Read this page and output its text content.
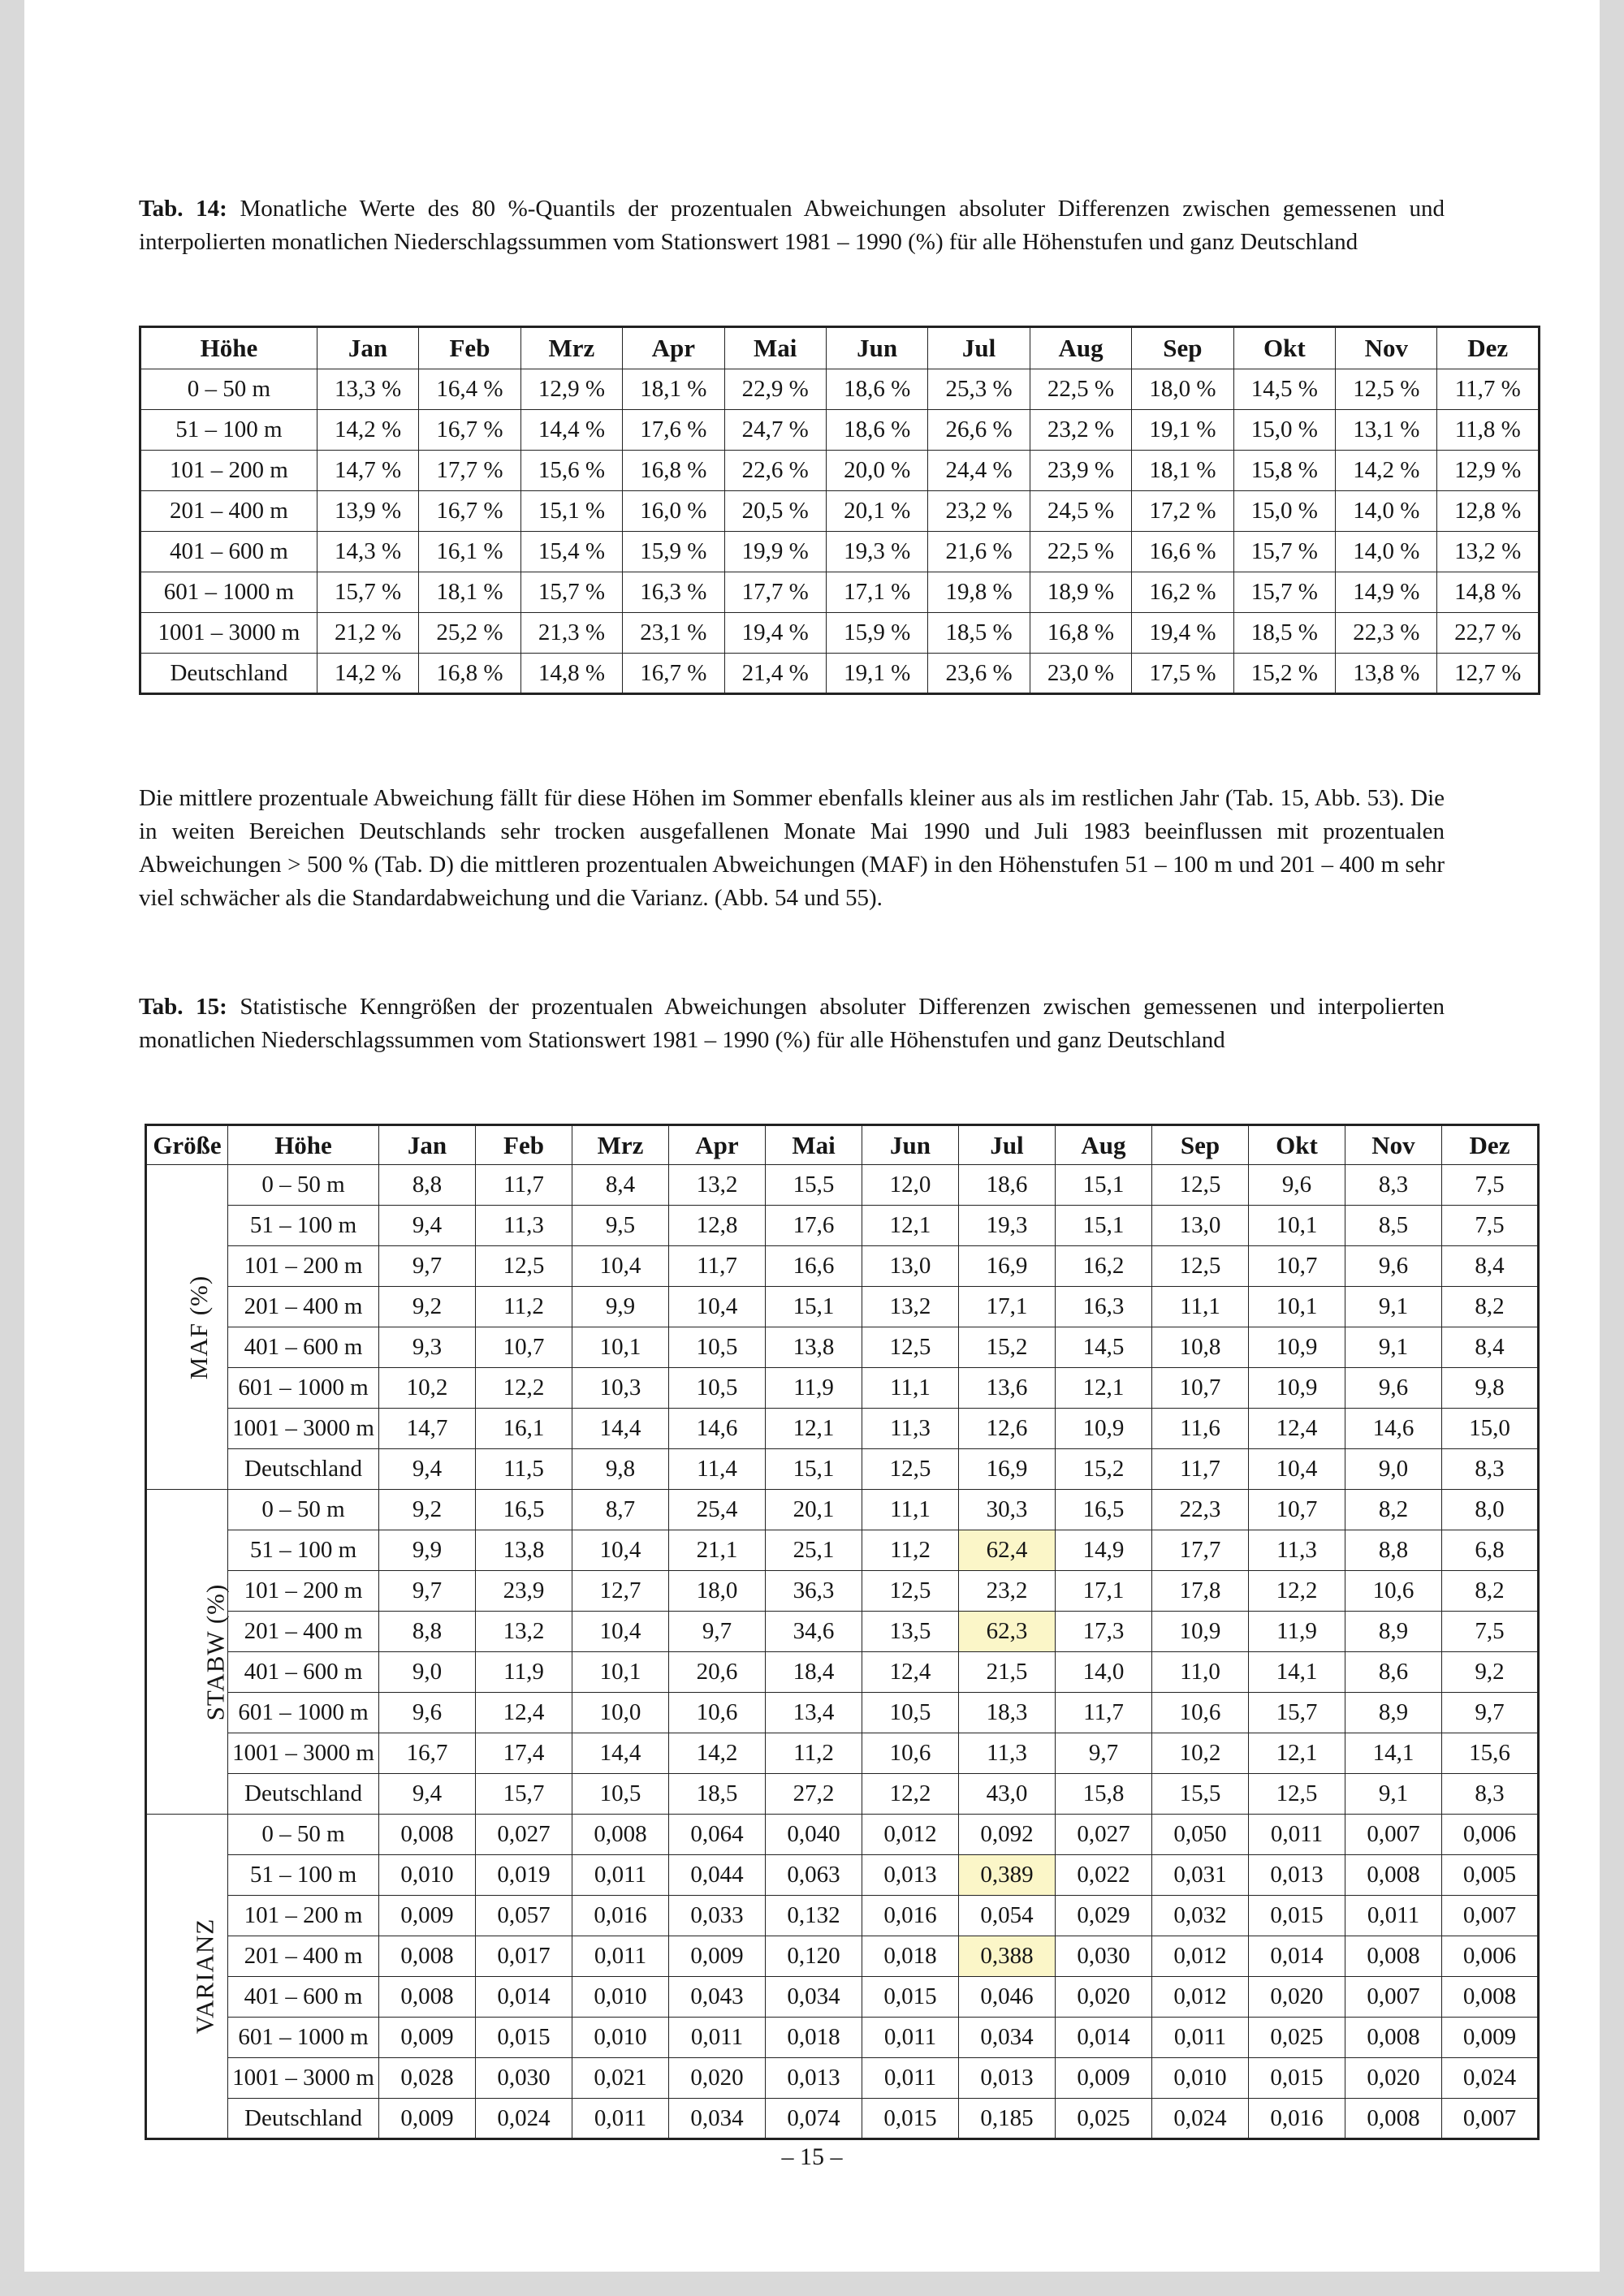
Tab. 14: Monatliche Werte des 80 %-Quantils der prozentualen Abweichungen absoluter Differenzen zwischen gemessenen und interpolierten monatlichen Niederschlagssummen vom Stationswert 1981 – 1990 (%) für alle Höhenstufen und ganz Deutschland

Höhe	Jan	Feb	Mrz	Apr	Mai	Jun	Jul	Aug	Sep	Okt	Nov	Dez
0 – 50 m	13,3 %	16,4 %	12,9 %	18,1 %	22,9 %	18,6 %	25,3 %	22,5 %	18,0 %	14,5 %	12,5 %	11,7 %
51 – 100 m	14,2 %	16,7 %	14,4 %	17,6 %	24,7 %	18,6 %	26,6 %	23,2 %	19,1 %	15,0 %	13,1 %	11,8 %
101 – 200 m	14,7 %	17,7 %	15,6 %	16,8 %	22,6 %	20,0 %	24,4 %	23,9 %	18,1 %	15,8 %	14,2 %	12,9 %
201 – 400 m	13,9 %	16,7 %	15,1 %	16,0 %	20,5 %	20,1 %	23,2 %	24,5 %	17,2 %	15,0 %	14,0 %	12,8 %
401 – 600 m	14,3 %	16,1 %	15,4 %	15,9 %	19,9 %	19,3 %	21,6 %	22,5 %	16,6 %	15,7 %	14,0 %	13,2 %
601 – 1000 m	15,7 %	18,1 %	15,7 %	16,3 %	17,7 %	17,1 %	19,8 %	18,9 %	16,2 %	15,7 %	14,9 %	14,8 %
1001 – 3000 m	21,2 %	25,2 %	21,3 %	23,1 %	19,4 %	15,9 %	18,5 %	16,8 %	19,4 %	18,5 %	22,3 %	22,7 %
Deutschland	14,2 %	16,8 %	14,8 %	16,7 %	21,4 %	19,1 %	23,6 %	23,0 %	17,5 %	15,2 %	13,8 %	12,7 %

Die mittlere prozentuale Abweichung fällt für diese Höhen im Sommer ebenfalls kleiner aus als im restlichen Jahr (Tab. 15, Abb. 53). Die in weiten Bereichen Deutschlands sehr trocken ausgefallenen Monate Mai 1990 und Juli 1983 beeinflussen mit prozentualen Abweichungen > 500 % (Tab. D) die mittleren prozentualen Abweichungen (MAF) in den Höhenstufen 51 – 100 m und 201 – 400 m sehr viel schwächer als die Standardabweichung und die Varianz. (Abb. 54 und 55).

Tab. 15: Statistische Kenngrößen der prozentualen Abweichungen absoluter Differenzen zwischen gemessenen und interpolierten monatlichen Niederschlagssummen vom Stationswert 1981 – 1990 (%) für alle Höhenstufen und ganz Deutschland

Größe	Höhe	Jan	Feb	Mrz	Apr	Mai	Jun	Jul	Aug	Sep	Okt	Nov	Dez
MAF (%)	0 – 50 m	8,8	11,7	8,4	13,2	15,5	12,0	18,6	15,1	12,5	9,6	8,3	7,5
	51 – 100 m	9,4	11,3	9,5	12,8	17,6	12,1	19,3	15,1	13,0	10,1	8,5	7,5
	101 – 200 m	9,7	12,5	10,4	11,7	16,6	13,0	16,9	16,2	12,5	10,7	9,6	8,4
	201 – 400 m	9,2	11,2	9,9	10,4	15,1	13,2	17,1	16,3	11,1	10,1	9,1	8,2
	401 – 600 m	9,3	10,7	10,1	10,5	13,8	12,5	15,2	14,5	10,8	10,9	9,1	8,4
	601 – 1000 m	10,2	12,2	10,3	10,5	11,9	11,1	13,6	12,1	10,7	10,9	9,6	9,8
	1001 – 3000 m	14,7	16,1	14,4	14,6	12,1	11,3	12,6	10,9	11,6	12,4	14,6	15,0
	Deutschland	9,4	11,5	9,8	11,4	15,1	12,5	16,9	15,2	11,7	10,4	9,0	8,3
STABW (%)	0 – 50 m	9,2	16,5	8,7	25,4	20,1	11,1	30,3	16,5	22,3	10,7	8,2	8,0
	51 – 100 m	9,9	13,8	10,4	21,1	25,1	11,2	62,4	14,9	17,7	11,3	8,8	6,8
	101 – 200 m	9,7	23,9	12,7	18,0	36,3	12,5	23,2	17,1	17,8	12,2	10,6	8,2
	201 – 400 m	8,8	13,2	10,4	9,7	34,6	13,5	62,3	17,3	10,9	11,9	8,9	7,5
	401 – 600 m	9,0	11,9	10,1	20,6	18,4	12,4	21,5	14,0	11,0	14,1	8,6	9,2
	601 – 1000 m	9,6	12,4	10,0	10,6	13,4	10,5	18,3	11,7	10,6	15,7	8,9	9,7
	1001 – 3000 m	16,7	17,4	14,4	14,2	11,2	10,6	11,3	9,7	10,2	12,1	14,1	15,6
	Deutschland	9,4	15,7	10,5	18,5	27,2	12,2	43,0	15,8	15,5	12,5	9,1	8,3
VARIANZ	0 – 50 m	0,008	0,027	0,008	0,064	0,040	0,012	0,092	0,027	0,050	0,011	0,007	0,006
	51 – 100 m	0,010	0,019	0,011	0,044	0,063	0,013	0,389	0,022	0,031	0,013	0,008	0,005
	101 – 200 m	0,009	0,057	0,016	0,033	0,132	0,016	0,054	0,029	0,032	0,015	0,011	0,007
	201 – 400 m	0,008	0,017	0,011	0,009	0,120	0,018	0,388	0,030	0,012	0,014	0,008	0,006
	401 – 600 m	0,008	0,014	0,010	0,043	0,034	0,015	0,046	0,020	0,012	0,020	0,007	0,008
	601 – 1000 m	0,009	0,015	0,010	0,011	0,018	0,011	0,034	0,014	0,011	0,025	0,008	0,009
	1001 – 3000 m	0,028	0,030	0,021	0,020	0,013	0,011	0,013	0,009	0,010	0,015	0,020	0,024
	Deutschland	0,009	0,024	0,011	0,034	0,074	0,015	0,185	0,025	0,024	0,016	0,008	0,007
– 15 –
